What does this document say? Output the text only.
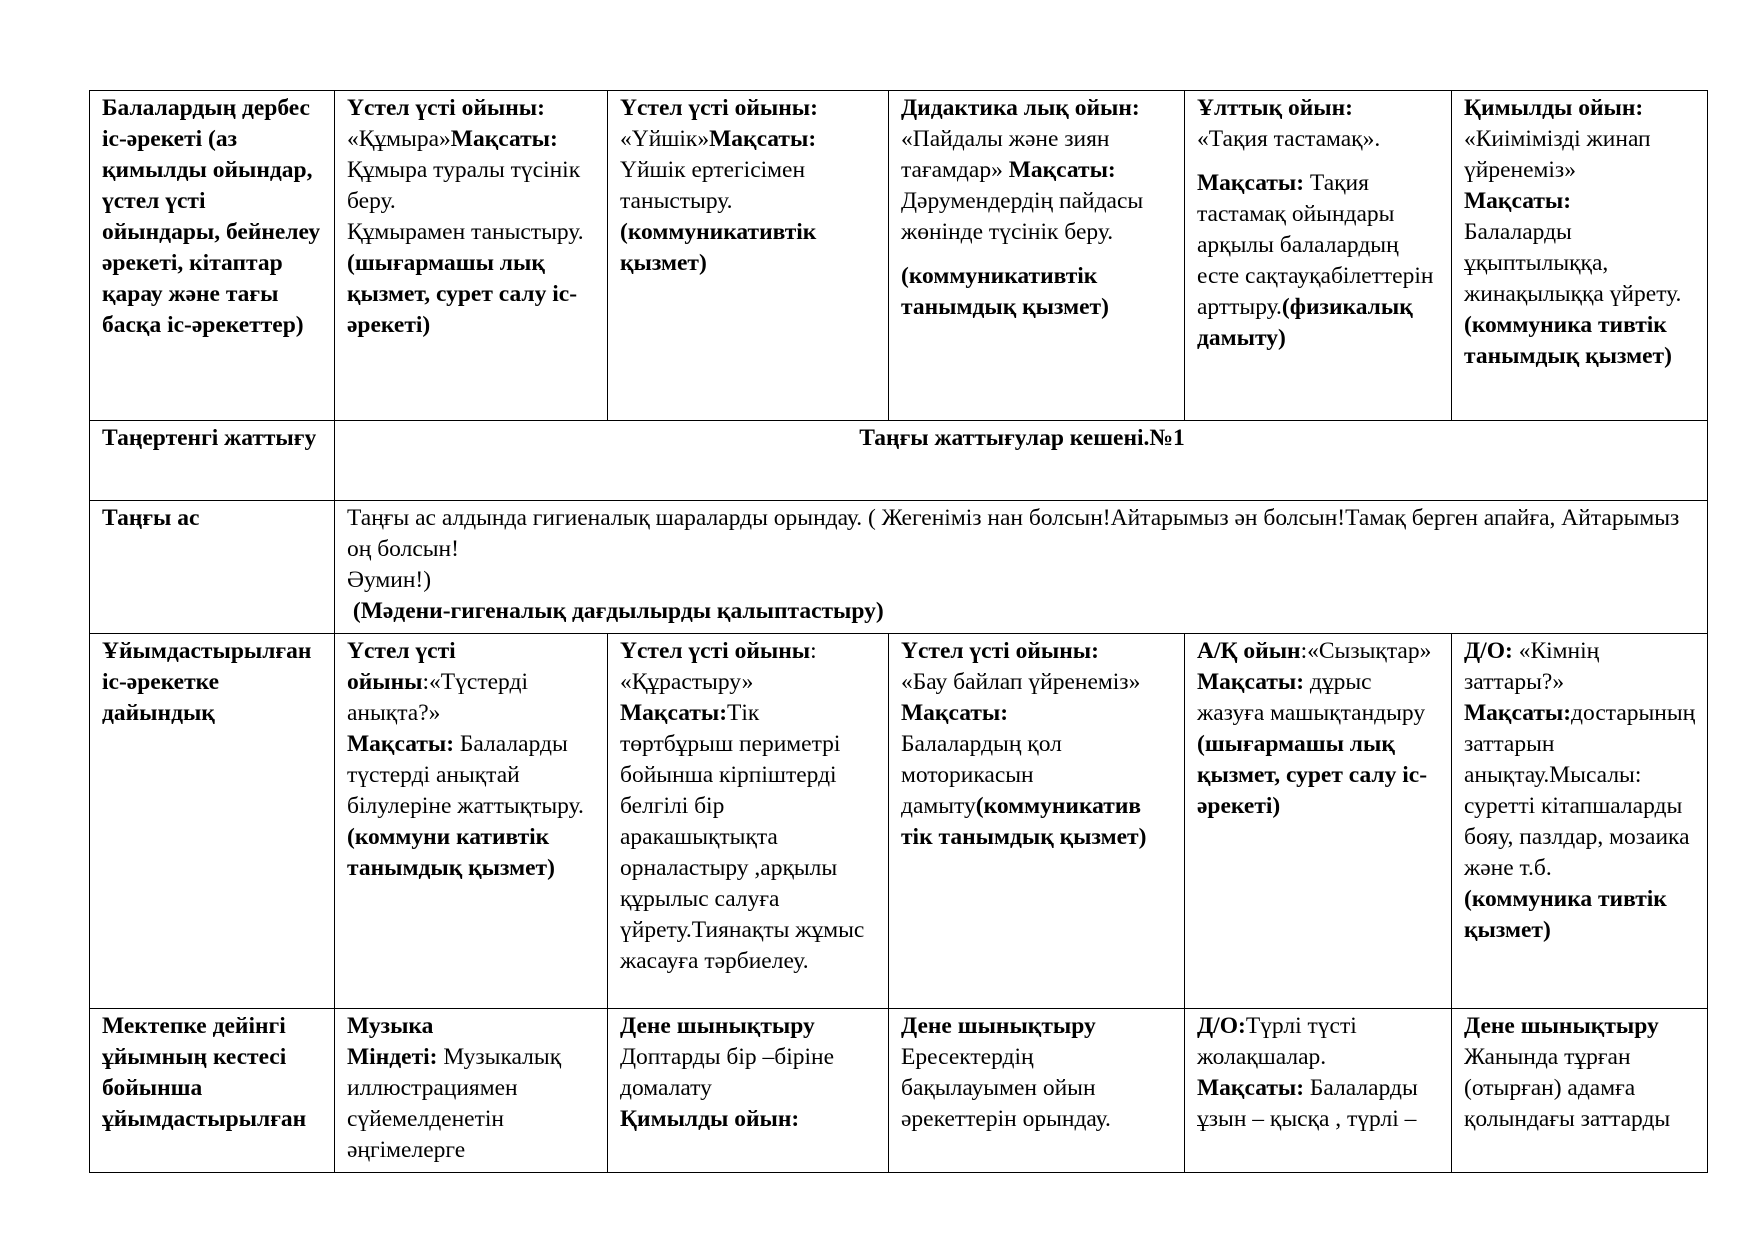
Балалардың дербес іс-әрекеті (аз қимылды ойындар, үстел үсті ойындары, бейнелеу әрекеті, кітаптар қарау және тағы басқа іс-әрекеттер)	Үстел үсті ойыны:
«Құмыра»Мақсаты: Құмыра туралы түсінік беру.
Құмырамен таныстыру.
(шығармашы лық қызмет, сурет салу іс-әрекеті)	Үстел үсті ойыны:
«Үйшік»Мақсаты: Үйшік ертегісімен таныстыру.
(коммуникативтік қызмет)	Дидактика лық ойын:
«Пайдалы және зиян тағамдар» Мақсаты: Дәрумендердің пайдасы жөнінде түсінік беру.
(коммуникативтік танымдық қызмет)	Ұлттық ойын:
«Тақия тастамақ».
Мақсаты: Тақия тастамақ ойындары арқылы балалардың есте сақтауқабілеттерін арттыру.(физикалық дамыту)	Қимылды ойын:
«Киімімізді жинап үйренеміз»
Мақсаты:
Балаларды ұқыптылыққа, жинақылыққа үйрету.(коммуника тивтік танымдық қызмет)
Таңертенгі жаттығу	Таңғы жаттығулар кешені.№1				
Таңғы ас	Таңғы ас алдында гигиеналық шараларды орындау. ( Жегеніміз нан болсын!Айтарымыз ән болсын!Тамақ берген апайға, Айтарымыз оң болсын!
Әумин!)
(Мәдени-гигеналық дағдылырды қалыптастыру)				
Ұйымдастырылған іс-әрекетке дайындық	Үстел үсті ойыны:«Түстерді анықта?»
Мақсаты: Балаларды түстерді анықтай білулеріне жаттықтыру.(коммуни кативтік танымдық қызмет)	Үстел үсті ойыны: «Құрастыру»
Мақсаты:Тік төртбұрыш периметрі бойынша кірпіштерді белгілі бір аракашықтықта орналастыру ,арқылы құрылыс салуға үйрету.Тиянақты жұмыс жасауға тәрбиелеу.	Үстел үсті ойыны:
«Бау байлап үйренеміз»
Мақсаты:
Балалардың қол моторикасын дамыту(коммуникатив тік танымдық қызмет)	А/Қ ойын:«Сызықтар»
Мақсаты: дұрыс жазуға машықтандыру
(шығармашы лық қызмет, сурет салу іс-әрекеті)	Д/О: «Кімнің заттары?»
Мақсаты:достарының заттарын анықтау.Мысалы: суретті кітапшаларды бояу, пазлдар, мозаика және т.б.
(коммуника тивтік қызмет)
Мектепке дейінгі ұйымның кестесі бойынша ұйымдастырылған	Музыка
Міндеті: Музыкалық иллюстрациямен сүйемелденетін әңгімелерге	Дене шынықтыру
Доптарды бір –біріне домалату
Қимылды ойын:	Дене шынықтыру
Ересектердің бақылауымен ойын әрекеттерін орындау.	Д/О:Түрлі түсті жолақшалар.
Мақсаты: Балаларды ұзын – қысқа , түрлі –	Дене шынықтыру
Жанында тұрған (отырған) адамға қолындағы заттарды
